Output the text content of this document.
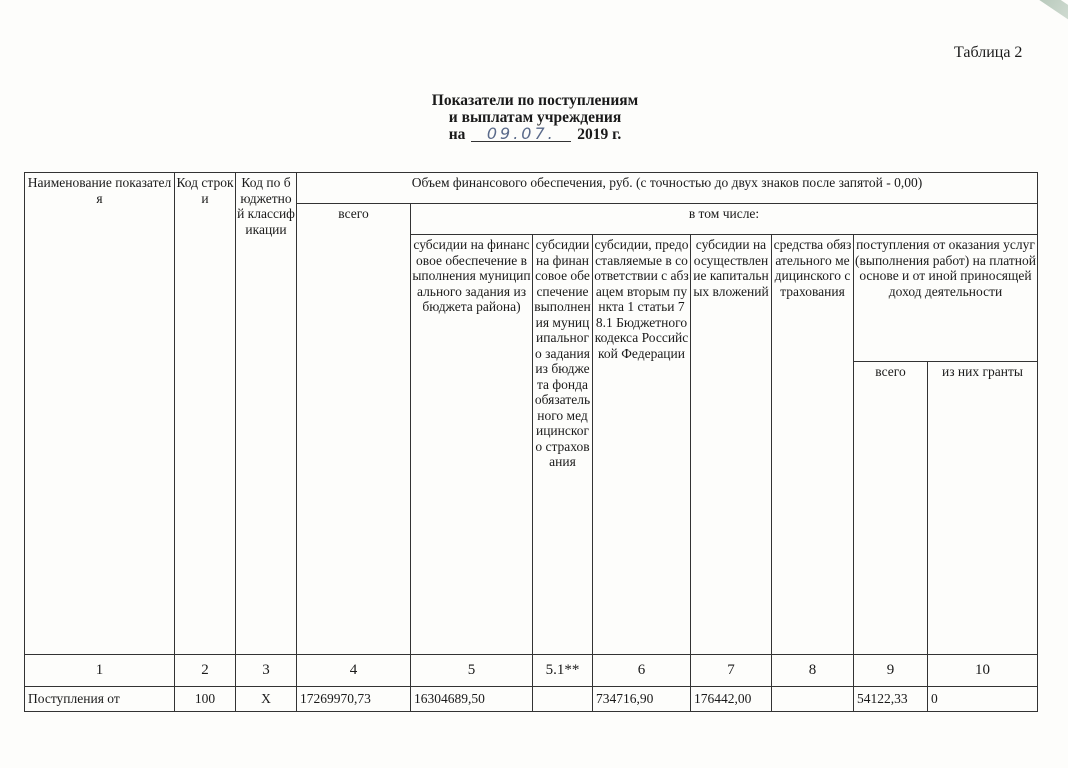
Таблица 2
Показатели по поступлениям
и выплатам учреждения
на 09.07. 2019 г.
Наименование показателя	Код строки	Код по бюджетной классификации	Объем финансового обеспечения, руб. (с точностью до двух знаков после запятой - 0,00)							
			всего	в том числе:						
				субсидии на финансовое обеспечение выполнения муниципального задания из бюджета района)	субсидии на финансовое обеспечение выполнения муниципального задания из бюджета фонда обязательного медицинского страхования	субсидии, предоставляемые в соответствии с абзацем вторым пункта 1 статьи 78.1 Бюджетного кодекса Российской Федерации	субсидии на осуществление капитальных вложений	средства обязательного медицинского страхования	поступления от оказания услуг (выполнения работ) на платной основе и от иной приносящей доход деятельности	
									всего	из них гранты
1	2	3	4	5	5.1**	6	7	8	9	10
Поступления от	100	X	17269970,73	16304689,50		734716,90	176442,00		54122,33	0
